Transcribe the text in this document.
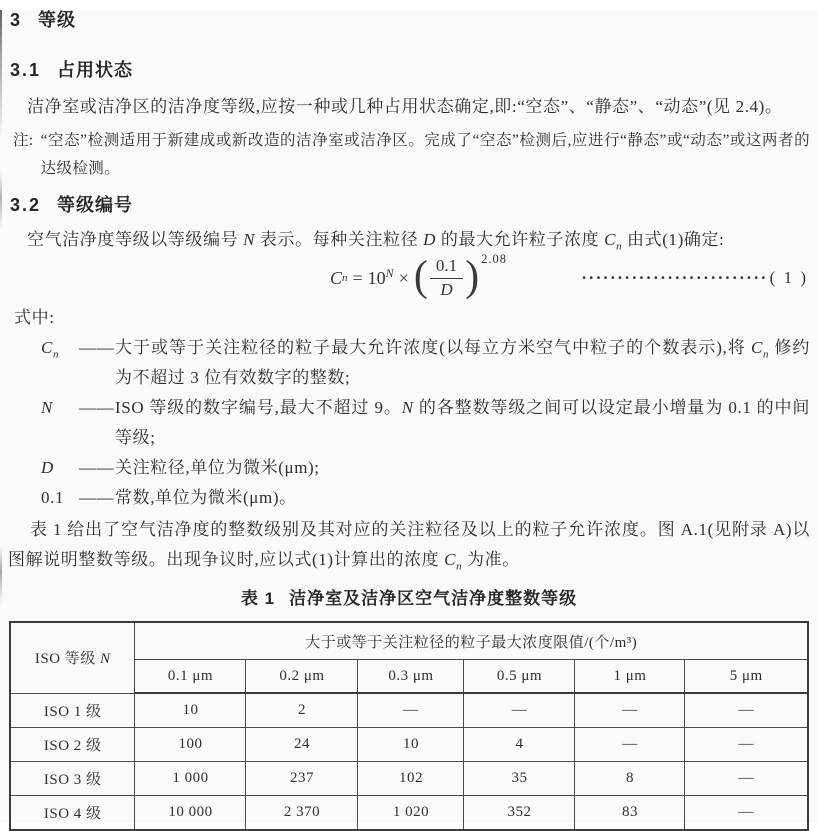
3 等级
3.1 占用状态

洁净室或洁净区的洁净度等级,应按一种或几种占用状态确定,即:“空态”、“静态”、“动态”(见 2.4)。

注: “空态”检测适用于新建成或新改造的洁净室或洁净区。完成了“空态”检测后,应进行“静态”或“动态”或这两者的达级检测。
3.2 等级编号

空气洁净度等级以等级编号 N 表示。每种关注粒径 D 的最大允许粒子浓度 $C_n$ 由式(1)确定:

C $n = 10^N$ × ( $\frac{0.1}{D}$ ) 2.08
·························· ( 1 )

式中:

$C_n$	—— 大于或等于关注粒径的粒子最大允许浓度(以每立方米空气中粒子的个数表示),将 $C_n$ 修约为不超过 3 位有效数字的整数;
N	—— ISO 等级的数字编号,最大不超过 9。N 的各整数等级之间可以设定最小增量为 0.1 的中间等级;
D	—— 关注粒径,单位为微米(μm);
0.1 —— 常数,单位为微米(μm)。

表 1 给出了空气洁净度的整数级别及其对应的关注粒径及以上的粒子允许浓度。图 A.1(见附录 A)以图解说明整数等级。出现争议时,应以式(1)计算出的浓度 $C_n$ 为准。

表 1 洁净室及洁净区空气洁净度整数等级
ISO 等级 N	大于或等于关注粒径的粒子最大浓度限值/(个/m³)					
	0.1 μm	0.2 μm	0.3 μm	0.5 μm	1 μm	5 μm
ISO 1 级	10	2	—	—	—	—
ISO 2 级	100	24	10	4	—	—
ISO 3 级	1 000	237	102	35	8	—
ISO 4 级	10 000	2 370	1 020	352	83	—
